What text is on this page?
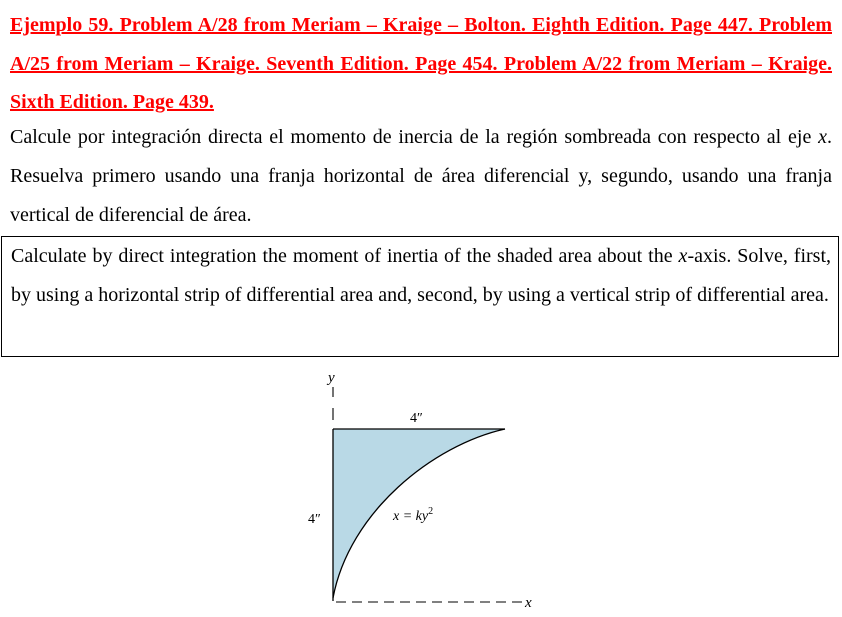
Ejemplo 59. Problem A/28 from Meriam – Kraige – Bolton. Eighth Edition. Page 447. Problem A/25 from Meriam – Kraige. Seventh Edition. Page 454. Problem A/22 from Meriam – Kraige. Sixth Edition. Page 439.

Calcule por integración directa el momento de inercia de la región sombreada con respecto al eje x. Resuelva primero usando una franja horizontal de área diferencial y, segundo, usando una franja vertical de diferencial de área.

Calculate by direct integration the moment of inertia of the shaded area about the x-axis. Solve, first, by using a horizontal strip of differential area and, second, by using a vertical strip of differential area.

y
x
4″
4″	$x = ky^2$
